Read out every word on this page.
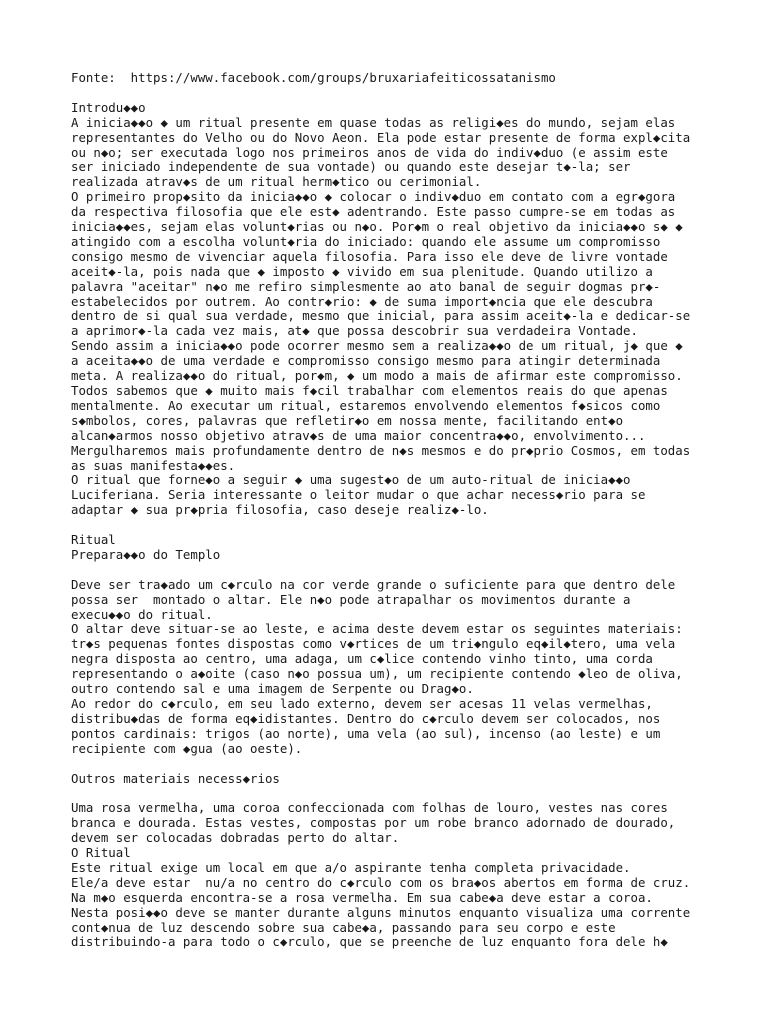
Fonte:  https://www.facebook.com/groups/bruxariafeiticossatanismo

Introdu◆◆o

A inicia◆◆o ◆ um ritual presente em quase todas as religi◆es do mundo, sejam elas

representantes do Velho ou do Novo Aeon. Ela pode estar presente de forma expl◆cita

ou n◆o; ser executada logo nos primeiros anos de vida do indiv◆duo (e assim este

ser iniciado independente de sua vontade) ou quando este desejar t◆-la; ser

realizada atrav◆s de um ritual herm◆tico ou cerimonial.

O primeiro prop◆sito da inicia◆◆o ◆ colocar o indiv◆duo em contato com a egr◆gora

da respectiva filosofia que ele est◆ adentrando. Este passo cumpre-se em todas as

inicia◆◆es, sejam elas volunt◆rias ou n◆o. Por◆m o real objetivo da inicia◆◆o s◆ ◆

atingido com a escolha volunt◆ria do iniciado: quando ele assume um compromisso

consigo mesmo de vivenciar aquela filosofia. Para isso ele deve de livre vontade

aceit◆-la, pois nada que ◆ imposto ◆ vivido em sua plenitude. Quando utilizo a

palavra "aceitar" n◆o me refiro simplesmente ao ato banal de seguir dogmas pr◆-

estabelecidos por outrem. Ao contr◆rio: ◆ de suma import◆ncia que ele descubra

dentro de si qual sua verdade, mesmo que inicial, para assim aceit◆-la e dedicar-se

a aprimor◆-la cada vez mais, at◆ que possa descobrir sua verdadeira Vontade.

Sendo assim a inicia◆◆o pode ocorrer mesmo sem a realiza◆◆o de um ritual, j◆ que ◆

a aceita◆◆o de uma verdade e compromisso consigo mesmo para atingir determinada

meta. A realiza◆◆o do ritual, por◆m, ◆ um modo a mais de afirmar este compromisso.

Todos sabemos que ◆ muito mais f◆cil trabalhar com elementos reais do que apenas

mentalmente. Ao executar um ritual, estaremos envolvendo elementos f◆sicos como

s◆mbolos, cores, palavras que refletir◆o em nossa mente, facilitando ent◆o

alcan◆armos nosso objetivo atrav◆s de uma maior concentra◆◆o, envolvimento...

Mergulharemos mais profundamente dentro de n◆s mesmos e do pr◆prio Cosmos, em todas

as suas manifesta◆◆es.

O ritual que forne◆o a seguir ◆ uma sugest◆o de um auto-ritual de inicia◆◆o

Luciferiana. Seria interessante o leitor mudar o que achar necess◆rio para se

adaptar ◆ sua pr◆pria filosofia, caso deseje realiz◆-lo.

Ritual

Prepara◆◆o do Templo

Deve ser tra◆ado um c◆rculo na cor verde grande o suficiente para que dentro dele

possa ser  montado o altar. Ele n◆o pode atrapalhar os movimentos durante a

execu◆◆o do ritual.

O altar deve situar-se ao leste, e acima deste devem estar os seguintes materiais:

tr◆s pequenas fontes dispostas como v◆rtices de um tri◆ngulo eq◆il◆tero, uma vela

negra disposta ao centro, uma adaga, um c◆lice contendo vinho tinto, uma corda

representando o a◆oite (caso n◆o possua um), um recipiente contendo ◆leo de oliva,

outro contendo sal e uma imagem de Serpente ou Drag◆o.

Ao redor do c◆rculo, em seu lado externo, devem ser acesas 11 velas vermelhas,

distribu◆das de forma eq◆idistantes. Dentro do c◆rculo devem ser colocados, nos

pontos cardinais: trigos (ao norte), uma vela (ao sul), incenso (ao leste) e um

recipiente com ◆gua (ao oeste).

Outros materiais necess◆rios

Uma rosa vermelha, uma coroa confeccionada com folhas de louro, vestes nas cores

branca e dourada. Estas vestes, compostas por um robe branco adornado de dourado,

devem ser colocadas dobradas perto do altar.

O Ritual

Este ritual exige um local em que a/o aspirante tenha completa privacidade.

Ele/a deve estar  nu/a no centro do c◆rculo com os bra◆os abertos em forma de cruz.

Na m◆o esquerda encontra-se a rosa vermelha. Em sua cabe◆a deve estar a coroa.

Nesta posi◆◆o deve se manter durante alguns minutos enquanto visualiza uma corrente

cont◆nua de luz descendo sobre sua cabe◆a, passando para seu corpo e este

distribuindo-a para todo o c◆rculo, que se preenche de luz enquanto fora dele h◆
